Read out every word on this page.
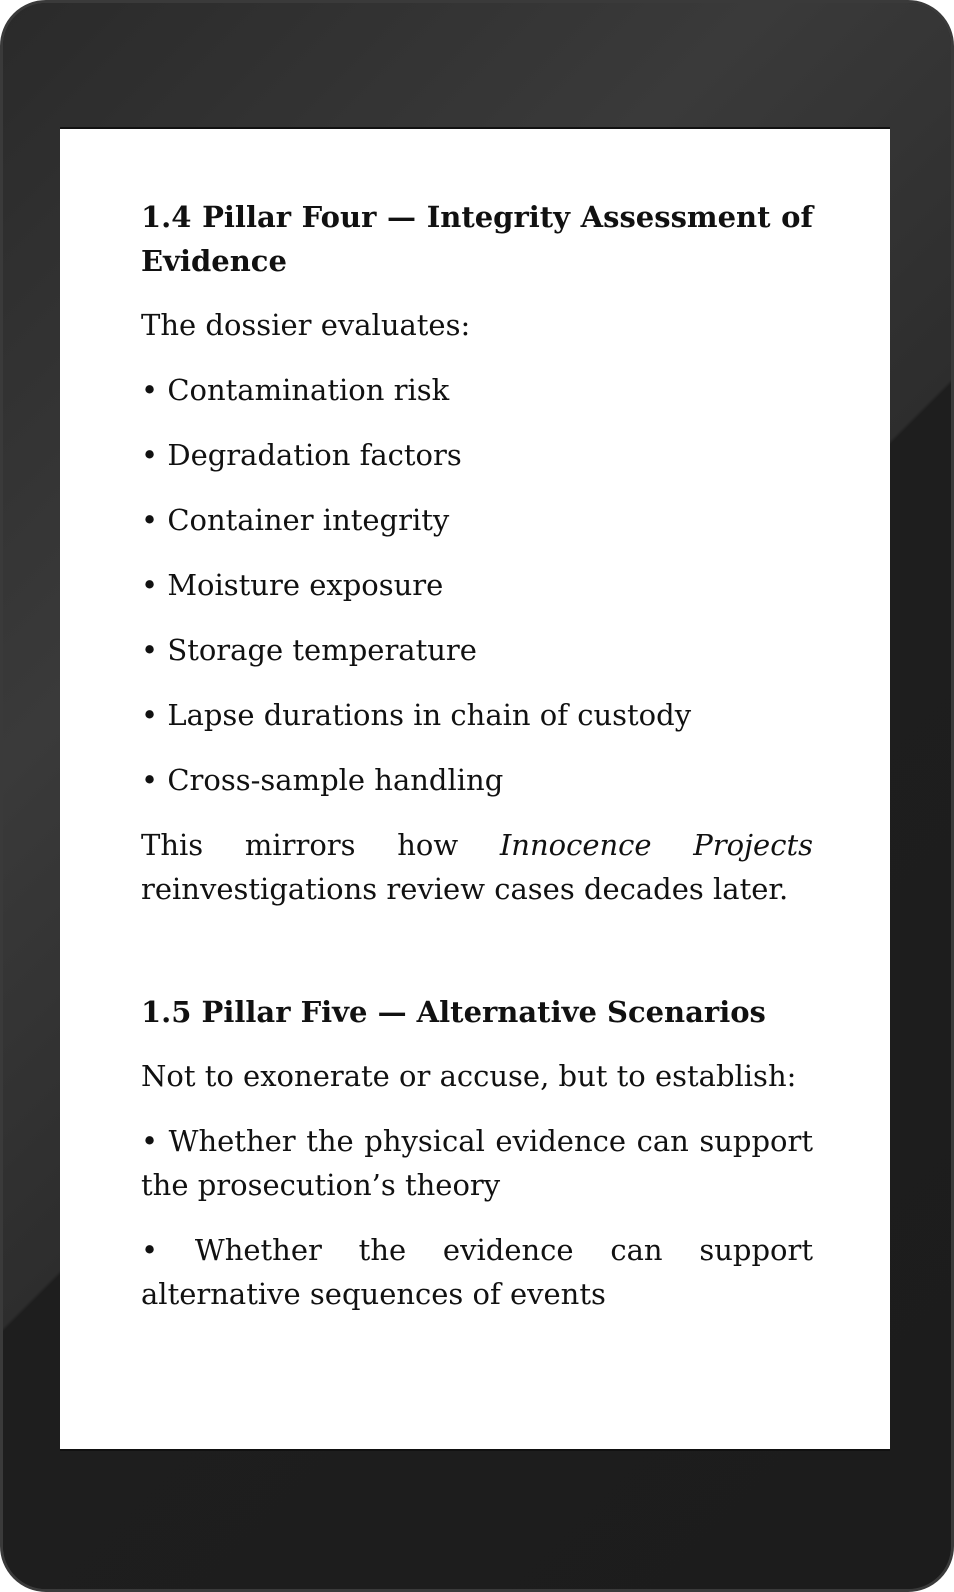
1.4 Pillar Four — Integrity Assessment of Evidence
The dossier evaluates:
• Contamination risk
• Degradation factors
• Container integrity
• Moisture exposure
• Storage temperature
• Lapse durations in chain of custody
• Cross-sample handling
This mirrors how Innocence Projects reinvestigations review cases decades later.
1.5 Pillar Five — Alternative Scenarios
Not to exonerate or accuse, but to establish:
• Whether the physical evidence can support the prosecution’s theory
• Whether the evidence can support alternative sequences of events
